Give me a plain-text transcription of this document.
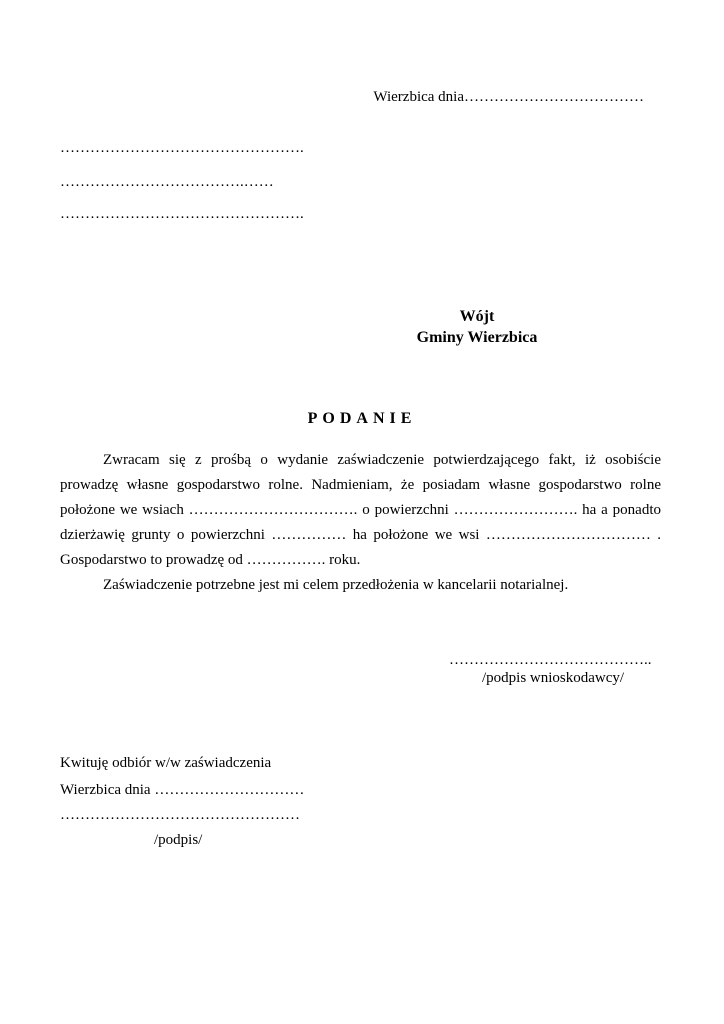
Wierzbica dnia………………………………
………………………………………….
……………………………….……
………………………………………….
Wójt
Gminy Wierzbica
PODANIE

Zwracam się z prośbą o wydanie zaświadczenie potwierdzającego fakt, iż osobiście prowadzę własne gospodarstwo rolne. Nadmieniam, że posiadam własne gospodarstwo rolne położone we wsiach ……………………………. o powierzchni ……………………. ha a ponadto dzierżawię grunty o powierzchni …………… ha położone we wsi …………………………… . Gospodarstwo to prowadzę od ……………. roku.

Zaświadczenie potrzebne jest mi celem przedłożenia w kancelarii notarialnej.

…………………………………..
/podpis wnioskodawcy/
Kwituję odbiór w/w zaświadczenia
Wierzbica dnia …………………………
…………………………………………
/podpis/
